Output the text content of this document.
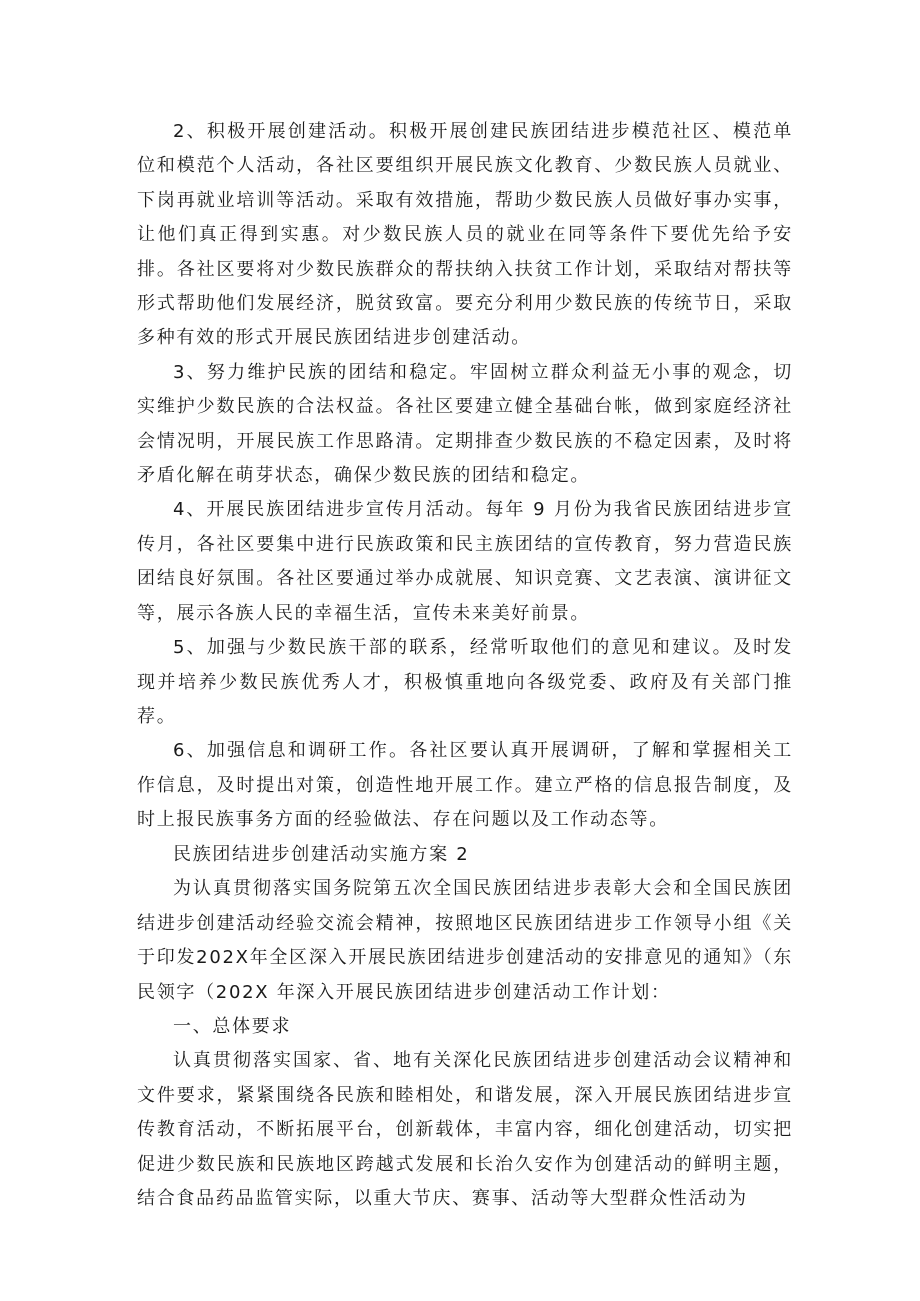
2、积极开展创建活动。积极开展创建民族团结进步模范社区、模范单位和模范个人活动，各社区要组织开展民族文化教育、少数民族人员就业、下岗再就业培训等活动。采取有效措施，帮助少数民族人员做好事办实事，让他们真正得到实惠。对少数民族人员的就业在同等条件下要优先给予安排。各社区要将对少数民族群众的帮扶纳入扶贫工作计划，采取结对帮扶等形式帮助他们发展经济，脱贫致富。要充分利用少数民族的传统节日，采取多种有效的形式开展民族团结进步创建活动。

3、努力维护民族的团结和稳定。牢固树立群众利益无小事的观念，切实维护少数民族的合法权益。各社区要建立健全基础台帐，做到家庭经济社会情况明，开展民族工作思路清。定期排查少数民族的不稳定因素，及时将矛盾化解在萌芽状态，确保少数民族的团结和稳定。

4、开展民族团结进步宣传月活动。每年 9 月份为我省民族团结进步宣传月，各社区要集中进行民族政策和民主族团结的宣传教育，努力营造民族团结良好氛围。各社区要通过举办成就展、知识竞赛、文艺表演、演讲征文等，展示各族人民的幸福生活，宣传未来美好前景。

5、加强与少数民族干部的联系，经常听取他们的意见和建议。及时发现并培养少数民族优秀人才，积极慎重地向各级党委、政府及有关部门推荐。

6、加强信息和调研工作。各社区要认真开展调研，了解和掌握相关工作信息，及时提出对策，创造性地开展工作。建立严格的信息报告制度，及时上报民族事务方面的经验做法、存在问题以及工作动态等。

民族团结进步创建活动实施方案 2

为认真贯彻落实国务院第五次全国民族团结进步表彰大会和全国民族团结进步创建活动经验交流会精神，按照地区民族团结进步工作领导小组《关于印发202X年全区深入开展民族团结进步创建活动的安排意见的通知》（东民领字（202X 年深入开展民族团结进步创建活动工作计划：

一、总体要求

认真贯彻落实国家、省、地有关深化民族团结进步创建活动会议精神和文件要求，紧紧围绕各民族和睦相处，和谐发展，深入开展民族团结进步宣传教育活动，不断拓展平台，创新载体，丰富内容，细化创建活动，切实把促进少数民族和民族地区跨越式发展和长治久安作为创建活动的鲜明主题，结合食品药品监管实际，以重大节庆、赛事、活动等大型群众性活动为
